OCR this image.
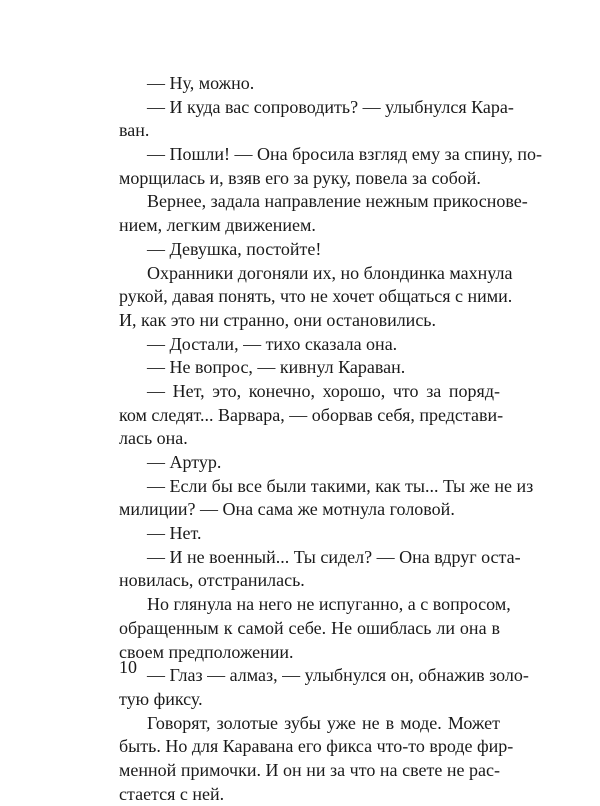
— Ну, можно.
— И куда вас сопроводить? — улыбнулся Кара-
ван.
— Пошли! — Она бросила взгляд ему за спину, по-
морщилась и, взяв его за руку, повела за собой.
Вернее, задала направление нежным прикоснове-
нием, легким движением.
— Девушка, постойте!
Охранники догоняли их, но блондинка махнула
рукой, давая понять, что не хочет общаться с ними.
И, как это ни странно, они остановились.
— Достали, — тихо сказала она.
— Не вопрос, — кивнул Караван.
— Нет, это, конечно, хорошо, что за поряд-
ком следят... Варвара, — оборвав себя, представи-
лась она.
— Артур.
— Если бы все были такими, как ты... Ты же не из
милиции? — Она сама же мотнула головой.
— Нет.
— И не военный... Ты сидел? — Она вдруг оста-
новилась, отстранилась.
Но глянула на него не испуганно, а с вопросом,
обращенным к самой себе. Не ошиблась ли она в
своем предположении.
— Глаз — алмаз, — улыбнулся он, обнажив золо-
тую фиксу.
Говорят, золотые зубы уже не в моде. Может
быть. Но для Каравана его фикса что-то вроде фир-
менной примочки. И он ни за что на свете не рас-
стается с ней.
10
